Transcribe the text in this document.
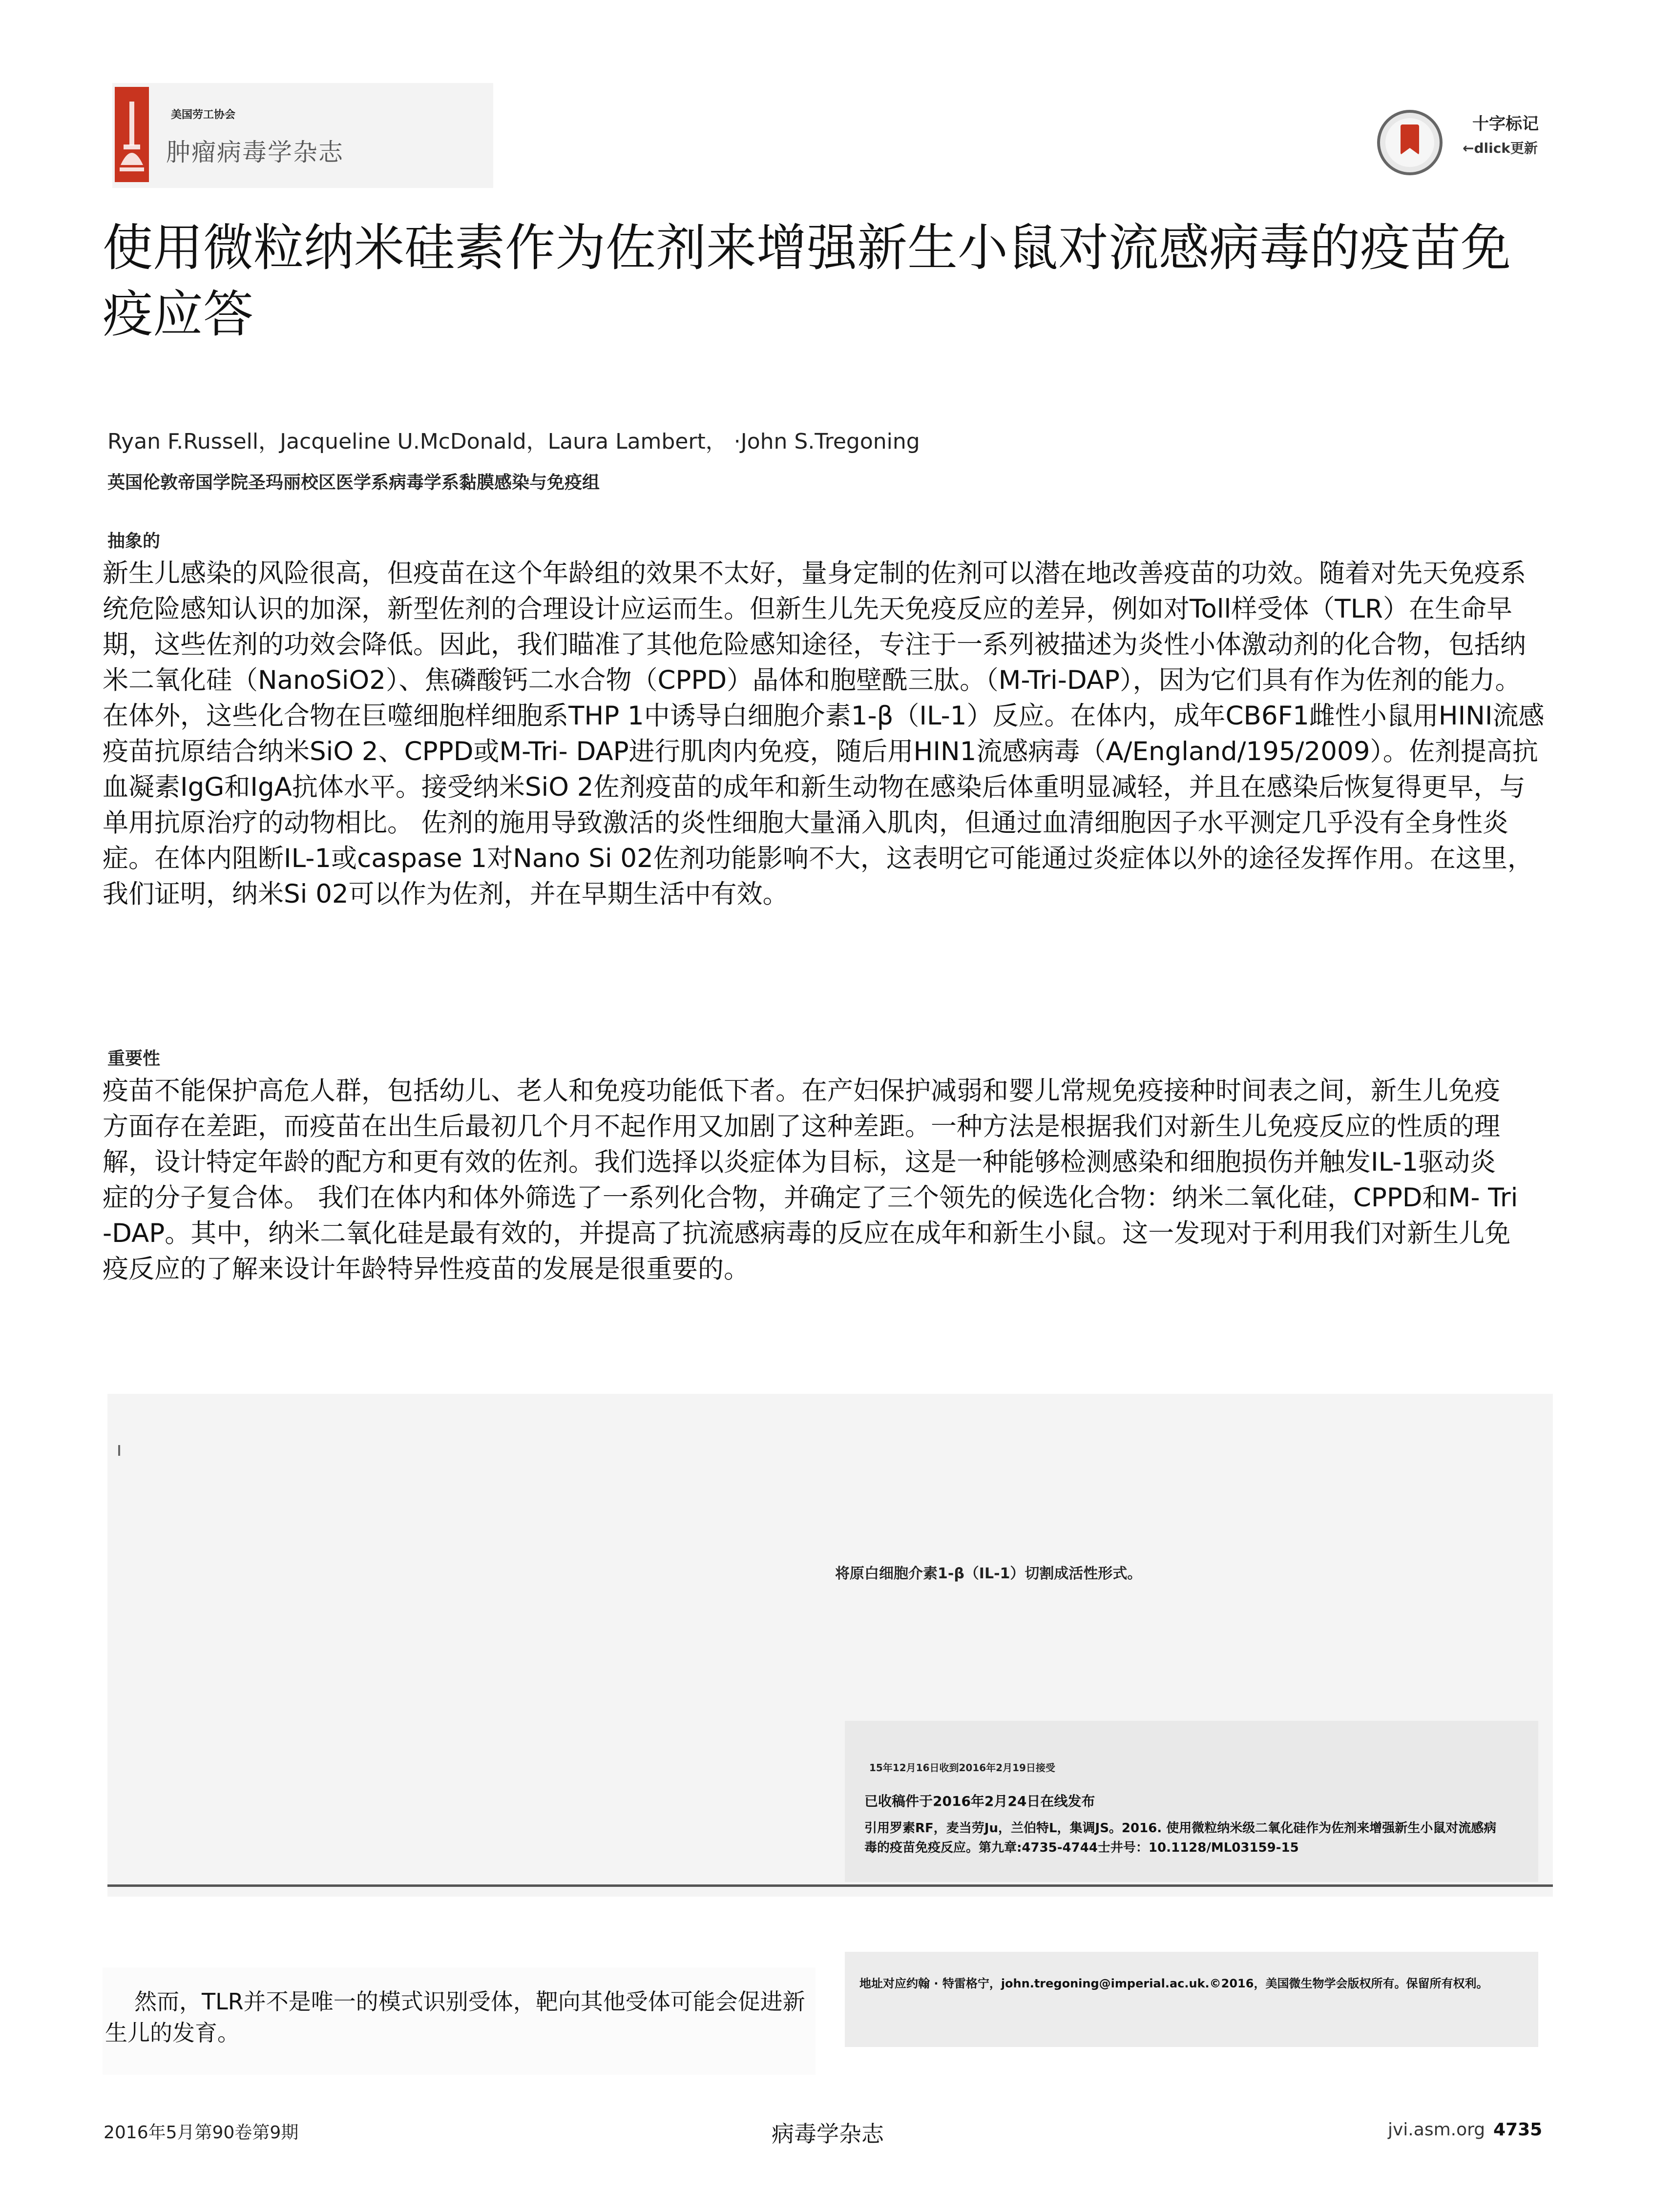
美国劳工协会
肿瘤病毒学杂志
十字标记
←dlick更新
使用微粒纳米硅素作为佐剂来增强新生小鼠对流感病毒的疫苗免疫应答
Ryan F.Russell，Jacqueline U.McDonald，Laura Lambert， ·John S.Tregoning
英国伦敦帝国学院圣玛丽校区医学系病毒学系黏膜感染与免疫组
抽象的
新生儿感染的风险很高，但疫苗在这个年龄组的效果不太好，量身定制的佐剂可以潜在地改善疫苗的功效。随着对先天免疫系统危险感知认识的加深，新型佐剂的合理设计应运而生。但新生儿先天免疫反应的差异，例如对Toll样受体（TLR）在生命早期，这些佐剂的功效会降低。因此，我们瞄准了其他危险感知途径，专注于一系列被描述为炎性小体激动剂的化合物，包括纳米二氧化硅（NanoSiO2）、焦磷酸钙二水合物（CPPD）晶体和胞壁酰三肽。（M-Tri-DAP），因为它们具有作为佐剂的能力。 在体外，这些化合物在巨噬细胞样细胞系THP 1中诱导白细胞介素1-β（IL-1）反应。在体内，成年CB6F1雌性小鼠用HINI流感疫苗抗原结合纳米SiO 2、CPPD或M-Tri- DAP进行肌肉内免疫，随后用HIN1流感病毒（A/England/195/2009）。佐剂提高抗血凝素IgG和IgA抗体水平。接受纳米SiO 2佐剂疫苗的成年和新生动物在感染后体重明显减轻，并且在感染后恢复得更早，与单用抗原治疗的动物相比。 佐剂的施用导致激活的炎性细胞大量涌入肌肉，但通过血清细胞因子水平测定几乎没有全身性炎症。在体内阻断IL-1或caspase 1对Nano Si 02佐剂功能影响不大，这表明它可能通过炎症体以外的途径发挥作用。在这里，我们证明，纳米Si 02可以作为佐剂，并在早期生活中有效。
重要性
疫苗不能保护高危人群，包括幼儿、老人和免疫功能低下者。在产妇保护减弱和婴儿常规免疫接种时间表之间，新生儿免疫方面存在差距，而疫苗在出生后最初几个月不起作用又加剧了这种差距。一种方法是根据我们对新生儿免疫反应的性质的理解，设计特定年龄的配方和更有效的佐剂。我们选择以炎症体为目标，这是一种能够检测感染和细胞损伤并触发IL-1驱动炎症的分子复合体。 我们在体内和体外筛选了一系列化合物，并确定了三个领先的候选化合物：纳米二氧化硅，CPPD和M- Tri-DAP。其中，纳米二氧化硅是最有效的，并提高了抗流感病毒的反应在成年和新生小鼠。这一发现对于利用我们对新生儿免疫反应的了解来设计年龄特异性疫苗的发展是很重要的。
将原白细胞介素1-β（IL-1）切割成活性形式。
15年12月16日收到2016年2月19日接受
已收稿件于2016年2月24日在线发布
引用罗素RF，麦当劳Ju，兰伯特L，集调JS。2016. 使用微粒纳米级二氧化硅作为佐剂来增强新生小鼠对流感病毒的疫苗免疫反应。第九章:4735-4744士井号：10.1128/ML03159-15
地址对应约翰 · 特雷格宁，john.tregoning@imperial.ac.uk.©2016，美国微生物学会版权所有。保留所有权利。
然而，TLR并不是唯一的模式识别受体，靶向其他受体可能会促进新生儿的发育。
2016年5月第90卷第9期	病毒学杂志	jvi.asm.org 4735
